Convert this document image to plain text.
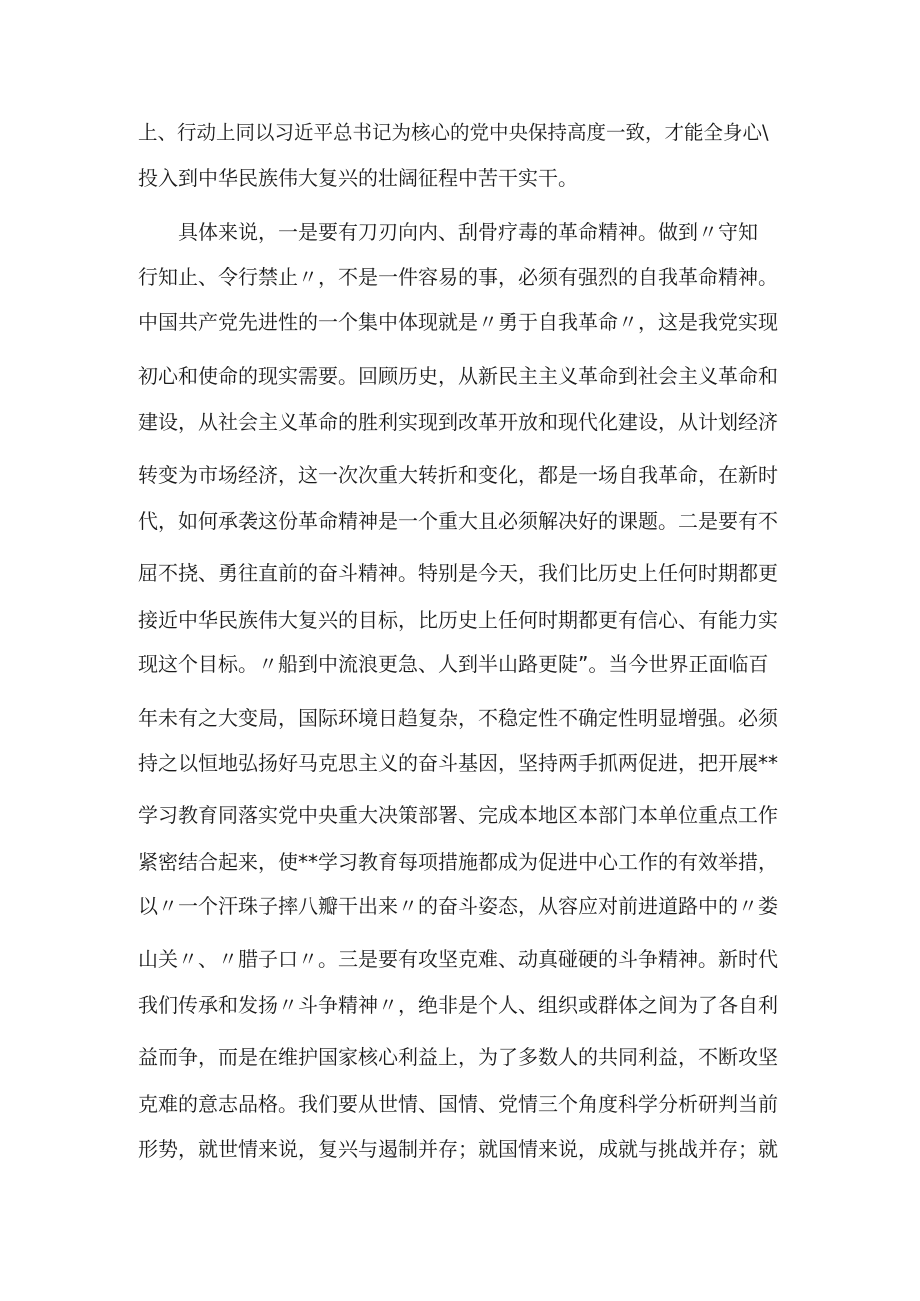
上、行动上同以习近平总书记为核心的党中央保持高度一致，才能全身心\
投入到中华民族伟大复兴的壮阔征程中苦干实干。
具体来说，一是要有刀刃向内、刮骨疗毒的革命精神。做到〃守知
行知止、令行禁止〃，不是一件容易的事，必须有强烈的自我革命精神。
中国共产党先进性的一个集中体现就是〃勇于自我革命〃，这是我党实现
初心和使命的现实需要。回顾历史，从新民主主义革命到社会主义革命和
建设，从社会主义革命的胜利实现到改革开放和现代化建设，从计划经济
转变为市场经济，这一次次重大转折和变化，都是一场自我革命，在新时
代，如何承袭这份革命精神是一个重大且必须解决好的课题。二是要有不
屈不挠、勇往直前的奋斗精神。特别是今天，我们比历史上任何时期都更
接近中华民族伟大复兴的目标，比历史上任何时期都更有信心、有能力实
现这个目标。〃船到中流浪更急、人到半山路更陡”。当今世界正面临百
年未有之大变局，国际环境日趋复杂，不稳定性不确定性明显增强。必须
持之以恒地弘扬好马克思主义的奋斗基因，坚持两手抓两促进，把开展**
学习教育同落实党中央重大决策部署、完成本地区本部门本单位重点工作
紧密结合起来，使**学习教育每项措施都成为促进中心工作的有效举措，
以〃一个汗珠子摔八瓣干出来〃的奋斗姿态，从容应对前进道路中的〃娄
山关〃、〃腊子口〃。三是要有攻坚克难、动真碰硬的斗争精神。新时代
我们传承和发扬〃斗争精神〃，绝非是个人、组织或群体之间为了各自利
益而争，而是在维护国家核心利益上，为了多数人的共同利益，不断攻坚
克难的意志品格。我们要从世情、国情、党情三个角度科学分析研判当前
形势，就世情来说，复兴与遏制并存；就国情来说，成就与挑战并存；就
